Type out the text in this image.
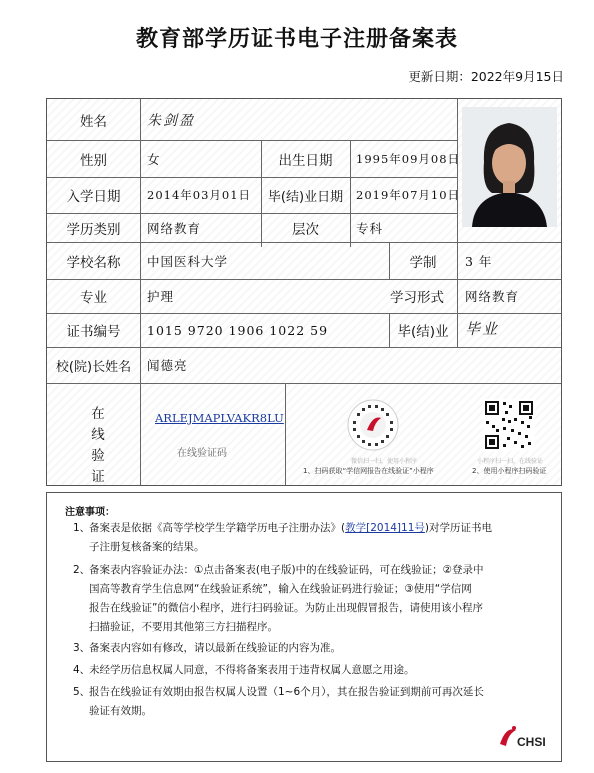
教育部学历证书电子注册备案表
更新日期：2022年9月15日
姓名	朱剑盈
性别	女	出生日期	1995年09月08日
入学日期	2014年03月01日	毕(结)业日期	2019年07月10日
学历类别	网络教育	层次	专科
学校名称	中国医科大学	学制	3 年
专业	护理	学习形式	网络教育
证书编号	1015 9720 1906 1022 59	毕(结)业	毕业
校(院)长姓名	闻德亮
在线验证
ARLEJMAPLVAKR8LU
在线验证码
微信扫一扫，使用小程序
1、扫码获取“学信网报告在线验证”小程序
小程序扫一扫，在线验证
2、使用小程序扫码验证
注意事项：
1、备案表是依据《高等学校学生学籍学历电子注册办法》(教学[2014]11号)对学历证书电
子注册复核备案的结果。
2、备案表内容验证办法：①点击备案表(电子版)中的在线验证码，可在线验证；②登录中
国高等教育学生信息网“在线验证系统”，输入在线验证码进行验证；③使用“学信网
报告在线验证”的微信小程序，进行扫码验证。为防止出现假冒报告，请使用该小程序
扫描验证，不要用其他第三方扫描程序。
3、备案表内容如有修改，请以最新在线验证的内容为准。
4、未经学历信息权属人同意，不得将备案表用于违背权属人意愿之用途。
5、报告在线验证有效期由报告权属人设置（1~6个月），其在报告验证到期前可再次延长
验证有效期。
CHSI
